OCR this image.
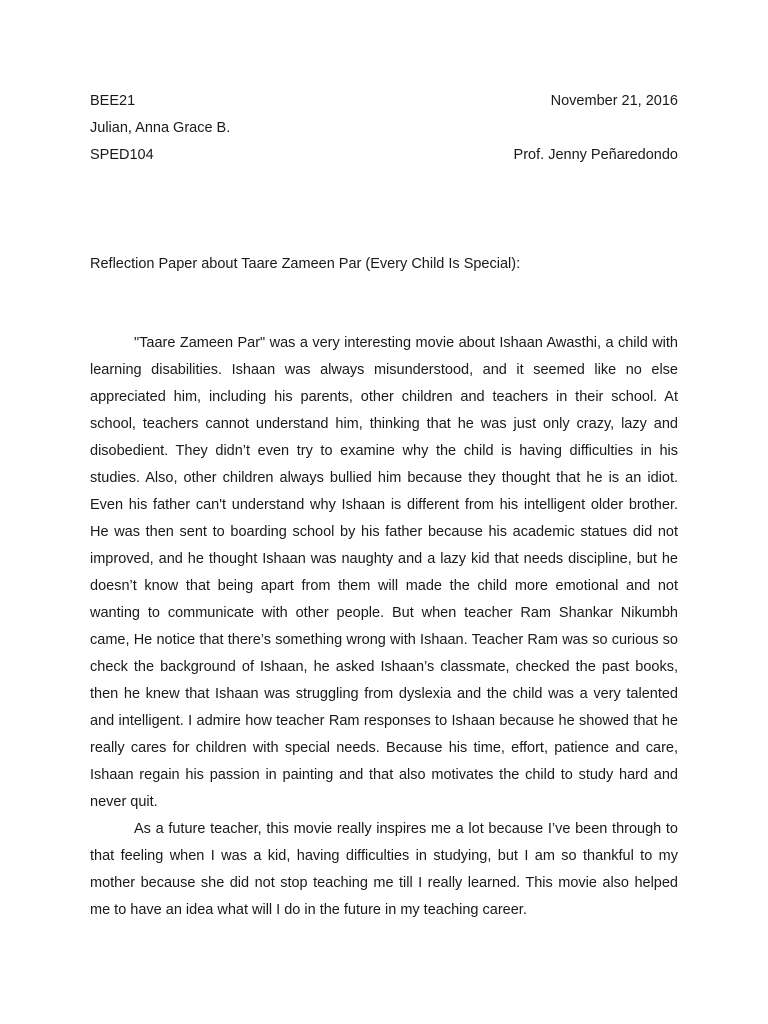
BEE21	November 21, 2016
Julian, Anna Grace B.
SPED104	Prof. Jenny Peñaredondo
Reflection Paper about Taare Zameen Par (Every Child Is Special):

"Taare Zameen Par" was a very interesting movie about Ishaan Awasthi, a child with learning disabilities. Ishaan was always misunderstood, and it seemed like no else appreciated him, including his parents, other children and teachers in their school. At school, teachers cannot understand him, thinking that he was just only crazy, lazy and disobedient. They didn’t even try to examine why the child is having difficulties in his studies. Also, other children always bullied him because they thought that he is an idiot. Even his father can't understand why Ishaan is different from his intelligent older brother. He was then sent to boarding school by his father because his academic statues did not improved, and he thought Ishaan was naughty and a lazy kid that needs discipline, but he doesn’t know that being apart from them will made the child more emotional and not wanting to communicate with other people. But when teacher Ram Shankar Nikumbh came, He notice that there’s something wrong with Ishaan. Teacher Ram was so curious so check the background of Ishaan, he asked Ishaan’s classmate, checked the past books, then he knew that Ishaan was struggling from dyslexia and the child was a very talented and intelligent. I admire how teacher Ram responses to Ishaan because he showed that he really cares for children with special needs. Because his time, effort, patience and care, Ishaan regain his passion in painting and that also motivates the child to study hard and never quit.

As a future teacher, this movie really inspires me a lot because I’ve been through to that feeling when I was a kid, having difficulties in studying, but I am so thankful to my mother because she did not stop teaching me till I really learned. This movie also helped me to have an idea what will I do in the future in my teaching career.
